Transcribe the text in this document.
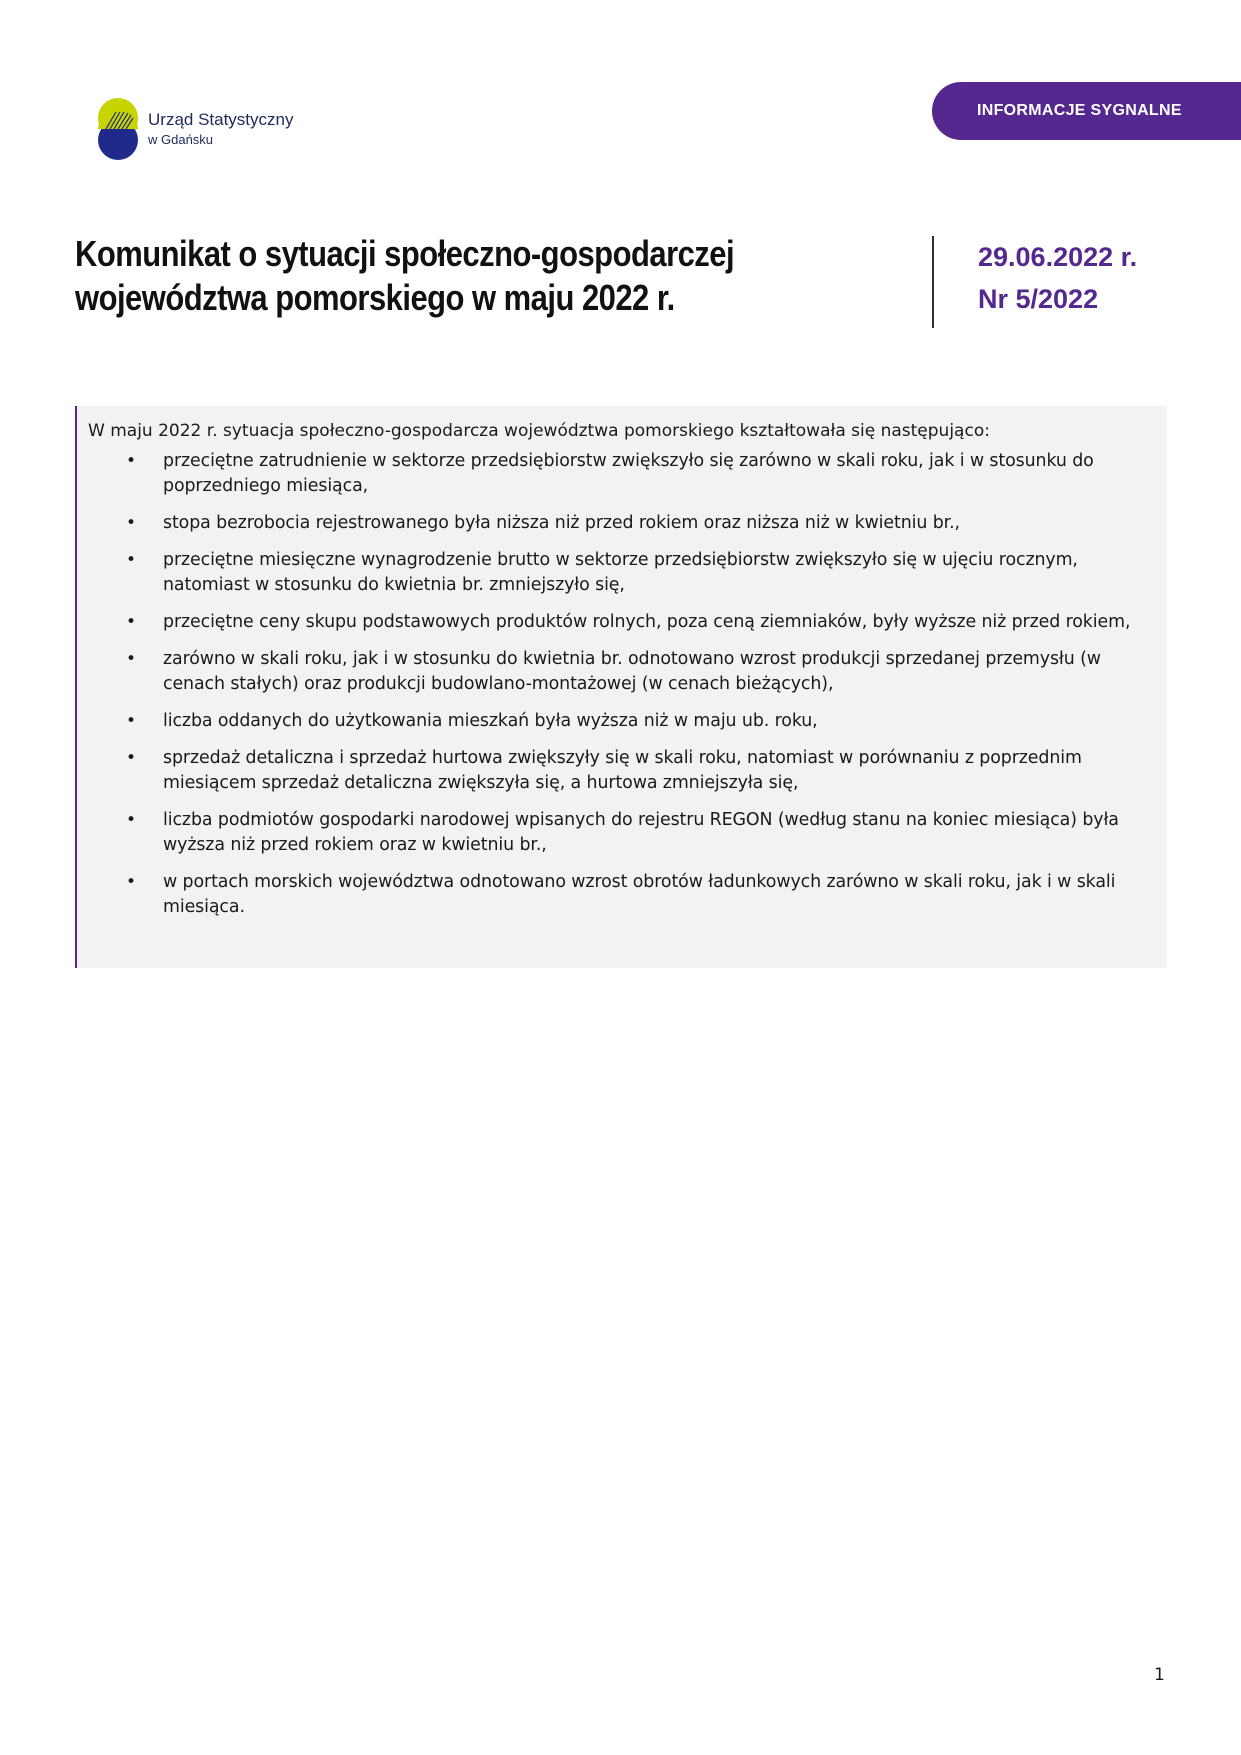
Urząd Statystyczny
w Gdańsku
INFORMACJE SYGNALNE
Komunikat o sytuacji społeczno-gospodarczej
województwa pomorskiego w maju 2022 r.
29.06.2022 r.
Nr 5/2022

W maju 2022 r. sytuacja społeczno-gospodarcza województwa pomorskiego kształtowała się następująco:

• przeciętne zatrudnienie w sektorze przedsiębiorstw zwiększyło się zarówno w skali roku, jak i w stosunku do poprzedniego miesiąca,
• stopa bezrobocia rejestrowanego była niższa niż przed rokiem oraz niższa niż w kwietniu br.,
• przeciętne miesięczne wynagrodzenie brutto w sektorze przedsiębiorstw zwiększyło się w ujęciu rocznym, natomiast w stosunku do kwietnia br. zmniejszyło się,
• przeciętne ceny skupu podstawowych produktów rolnych, poza ceną ziemniaków, były wyższe niż przed rokiem,
• zarówno w skali roku, jak i w stosunku do kwietnia br. odnotowano wzrost produkcji sprzedanej przemysłu (w cenach stałych) oraz produkcji budowlano-montażowej (w cenach bieżących),
• liczba oddanych do użytkowania mieszkań była wyższa niż w maju ub. roku,
• sprzedaż detaliczna i sprzedaż hurtowa zwiększyły się w skali roku, natomiast w porównaniu z poprzednim miesiącem sprzedaż detaliczna zwiększyła się, a hurtowa zmniejszyła się,
• liczba podmiotów gospodarki narodowej wpisanych do rejestru REGON (według stanu na koniec miesiąca) była wyższa niż przed rokiem oraz w kwietniu br.,
• w portach morskich województwa odnotowano wzrost obrotów ładunkowych zarówno w skali roku, jak i w skali miesiąca.
1
